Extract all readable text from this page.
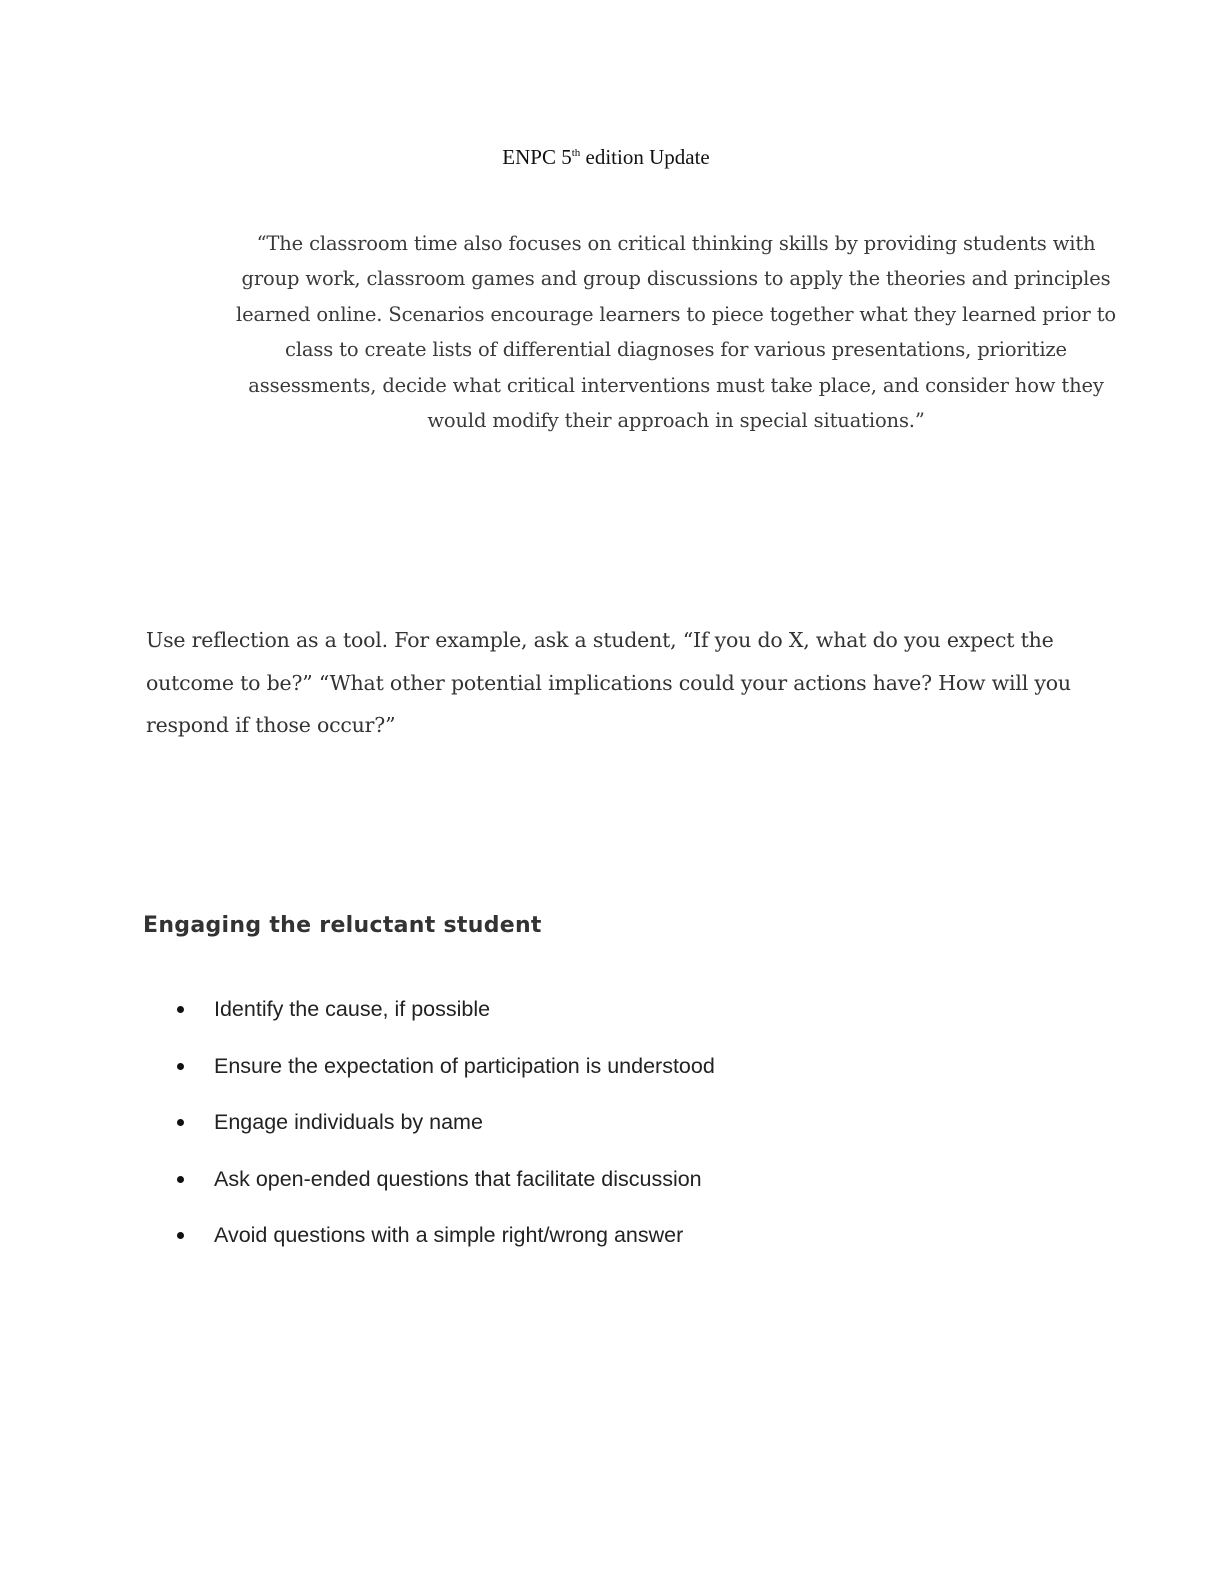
ENPC 5th edition Update

“The classroom time also focuses on critical thinking skills by providing students with group work, classroom games and group discussions to apply the theories and principles learned online. Scenarios encourage learners to piece together what they learned prior to class to create lists of differential diagnoses for various presentations, prioritize assessments, decide what critical interventions must take place, and consider how they would modify their approach in special situations.”

Use reflection as a tool. For example, ask a student, “If you do X, what do you expect the outcome to be?” “What other potential implications could your actions have? How will you respond if those occur?”

Engaging the reluctant student
Identify the cause, if possible
Ensure the expectation of participation is understood
Engage individuals by name
Ask open-ended questions that facilitate discussion
Avoid questions with a simple right/wrong answer
